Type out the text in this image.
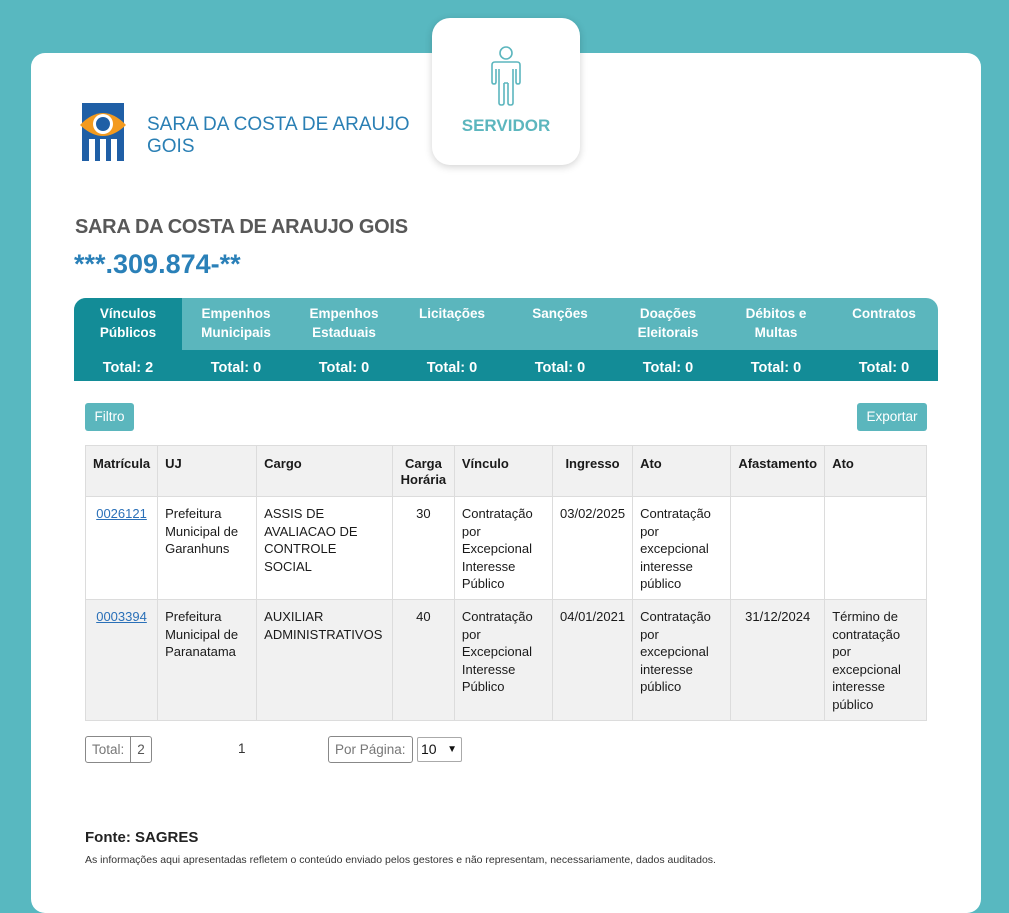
SERVIDOR
SARA DA COSTA DE ARAUJO GOIS
SARA DA COSTA DE ARAUJO GOIS
***.309.874-**
Vínculos
Públicos
Empenhos
Municipais
Empenhos
Estaduais
Licitações	Sanções	Doações
Eleitorais
Débitos e
Multas
Contratos
Total: 2	Total: 0	Total: 0	Total: 0	Total: 0	Total: 0	Total: 0	Total: 0
Filtro	Exportar
Matrícula	UJ	Cargo	Carga Horária	Vínculo	Ingresso	Ato	Afastamento	Ato
0026121	Prefeitura Municipal de Garanhuns	ASSIS DE AVALIACAO DE CONTROLE SOCIAL	30	Contratação por Excepcional Interesse Público	03/02/2025	Contratação por excepcional interesse público		
0003394	Prefeitura Municipal de Paranatama	AUXILIAR ADMINISTRATIVOS	40	Contratação por Excepcional Interesse Público	04/01/2021	Contratação por excepcional interesse público	31/12/2024	Término de contratação por excepcional interesse público
Total: 2	1	Por Página:	10 ▼
Fonte: SAGRES
As informações aqui apresentadas refletem o conteúdo enviado pelos gestores e não representam, necessariamente, dados auditados.
